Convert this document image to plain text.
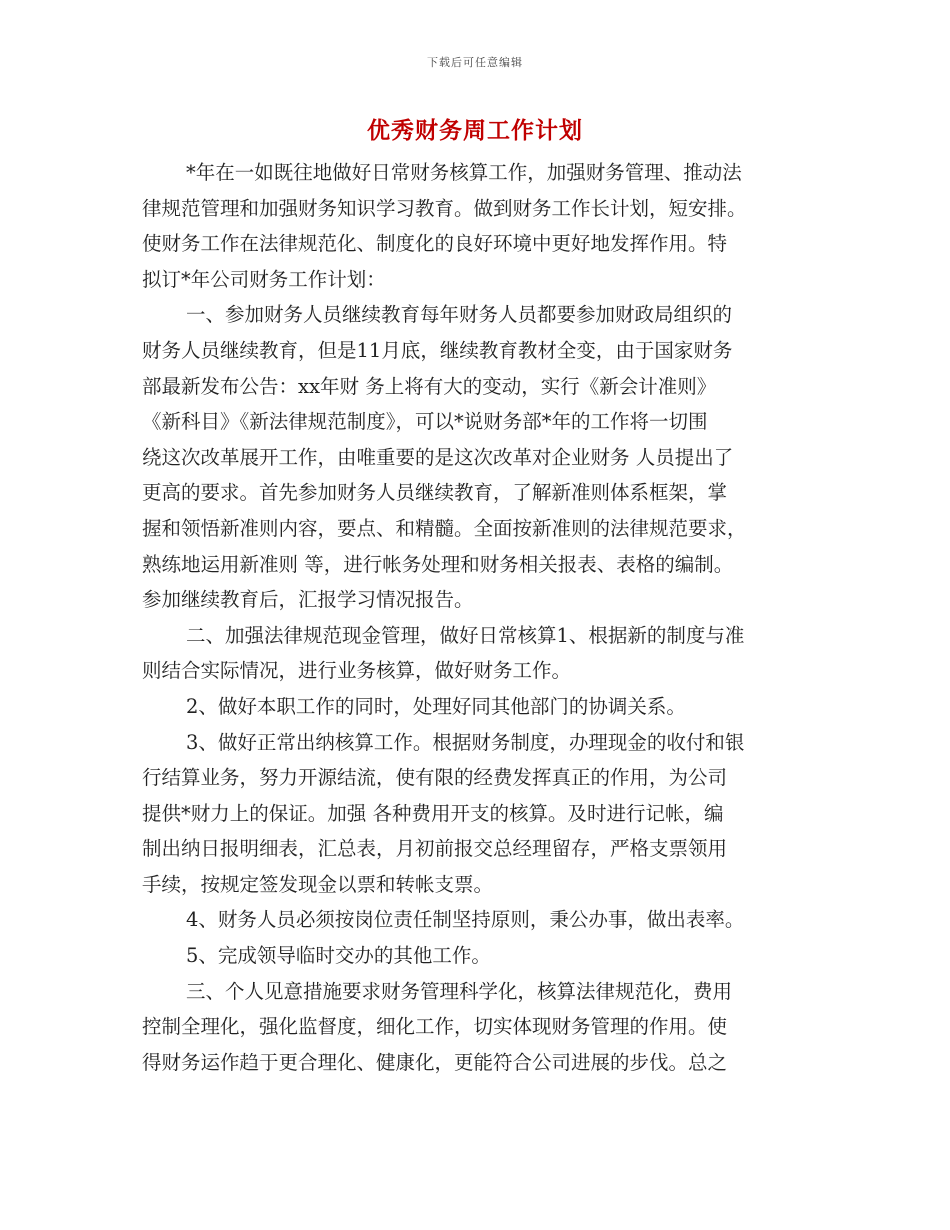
下载后可任意编辑
优秀财务周工作计划
*年在一如既往地做好日常财务核算工作，加强财务管理、推动法
律规范管理和加强财务知识学习教育。做到财务工作长计划，短安排。
使财务工作在法律规范化、制度化的良好环境中更好地发挥作用。特
拟订*年公司财务工作计划：
一、参加财务人员继续教育每年财务人员都要参加财政局组织的
财务人员继续教育，但是11月底，继续教育教材全变，由于国家财务
部最新发布公告：xx年财 务上将有大的变动，实行《新会计准则》
《新科目》《新法律规范制度》，可以*说财务部*年的工作将一切围
绕这次改革展开工作，由唯重要的是这次改革对企业财务 人员提出了
更高的要求。首先参加财务人员继续教育，了解新准则体系框架，掌
握和领悟新准则内容，要点、和精髓。全面按新准则的法律规范要求，
熟练地运用新准则 等，进行帐务处理和财务相关报表、表格的编制。
参加继续教育后，汇报学习情况报告。
二、加强法律规范现金管理，做好日常核算1、根据新的制度与准
则结合实际情况，进行业务核算，做好财务工作。
2、做好本职工作的同时，处理好同其他部门的协调关系。
3、做好正常出纳核算工作。根据财务制度，办理现金的收付和银
行结算业务，努力开源结流，使有限的经费发挥真正的作用，为公司
提供*财力上的保证。加强 各种费用开支的核算。及时进行记帐，编
制出纳日报明细表，汇总表，月初前报交总经理留存，严格支票领用
手续，按规定签发现金以票和转帐支票。
4、财务人员必须按岗位责任制坚持原则，秉公办事，做出表率。
5、完成领导临时交办的其他工作。
三、个人见意措施要求财务管理科学化，核算法律规范化，费用
控制全理化，强化监督度，细化工作，切实体现财务管理的作用。使
得财务运作趋于更合理化、健康化，更能符合公司进展的步伐。总之
